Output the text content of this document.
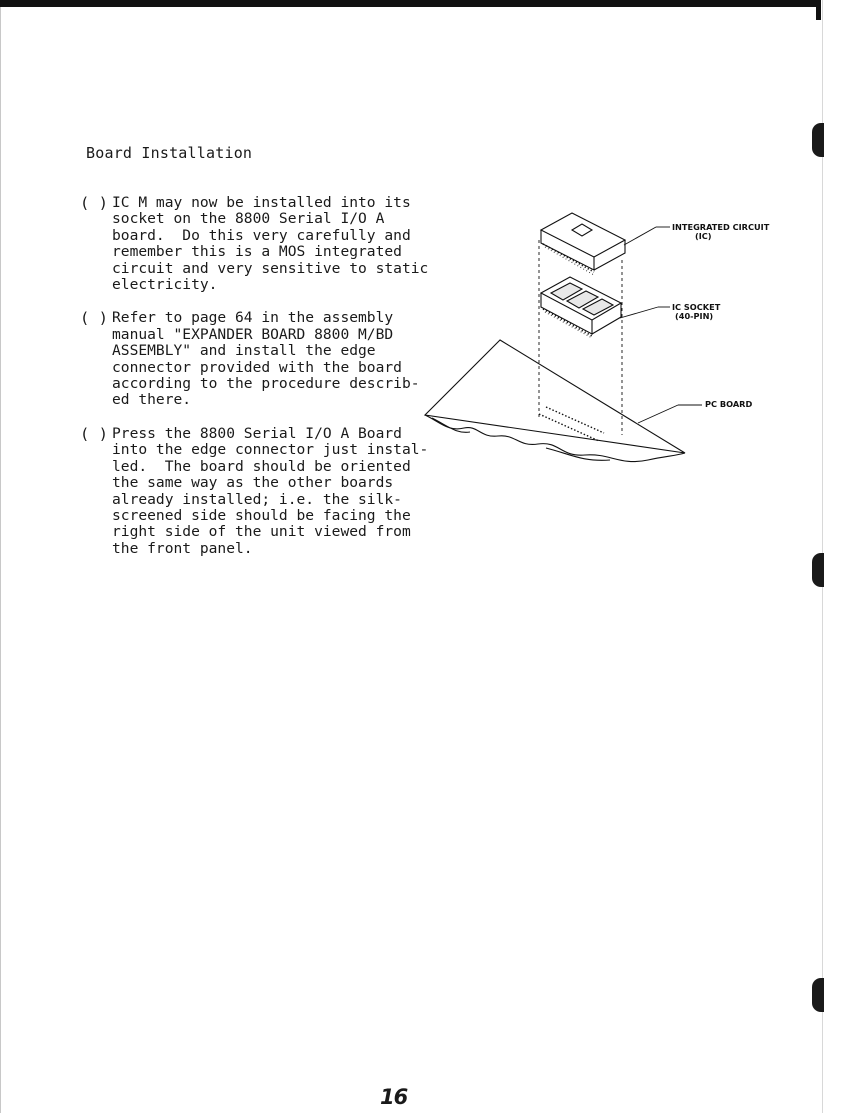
Board Installation
( ) IC M may now be installed into its
socket on the 8800 Serial I/O A
board.  Do this very carefully and
remember this is a MOS integrated
circuit and very sensitive to static
electricity.

( ) Refer to page 64 in the assembly
manual "EXPANDER BOARD 8800 M/BD
ASSEMBLY" and install the edge
connector provided with the board
according to the procedure describ-
ed there.

( ) Press the 8800 Serial I/O A Board
into the edge connector just instal-
led.  The board should be oriented
the same way as the other boards
already installed; i.e. the silk-
screened side should be facing the
right side of the unit viewed from
the front panel.

INTEGRATED CIRCUIT
(IC)
IC SOCKET
(40-PIN)
PC BOARD
16
